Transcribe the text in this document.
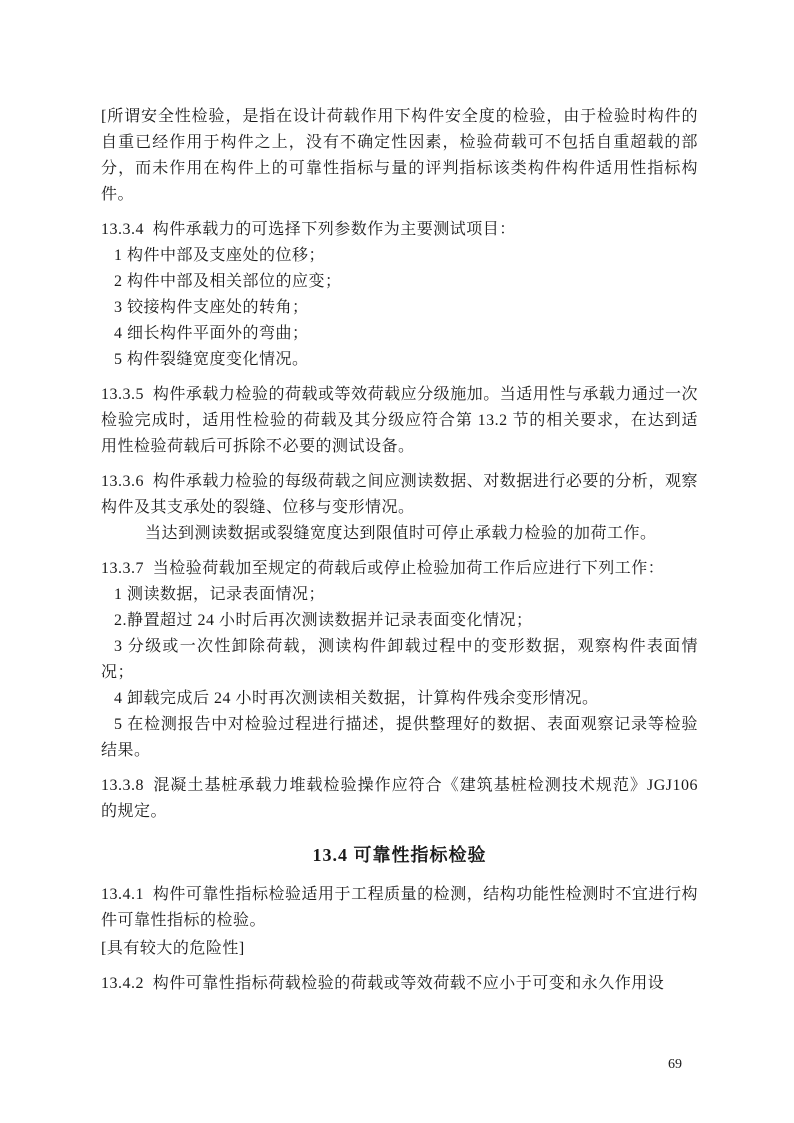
[所谓安全性检验，是指在设计荷载作用下构件安全度的检验，由于检验时构件的自重已经作用于构件之上，没有不确定性因素，检验荷载可不包括自重超载的部分，而未作用在构件上的可靠性指标与量的评判指标该类构件构件适用性指标构件。

13.3.4 构件承载力的可选择下列参数作为主要测试项目：

1 构件中部及支座处的位移；

2 构件中部及相关部位的应变；

3 铰接构件支座处的转角；

4 细长构件平面外的弯曲；

5 构件裂缝宽度变化情况。

13.3.5 构件承载力检验的荷载或等效荷载应分级施加。当适用性与承载力通过一次检验完成时，适用性检验的荷载及其分级应符合第 13.2 节的相关要求，在达到适用性检验荷载后可拆除不必要的测试设备。

13.3.6 构件承载力检验的每级荷载之间应测读数据、对数据进行必要的分析，观察构件及其支承处的裂缝、位移与变形情况。

当达到测读数据或裂缝宽度达到限值时可停止承载力检验的加荷工作。

13.3.7 当检验荷载加至规定的荷载后或停止检验加荷工作后应进行下列工作：

1 测读数据，记录表面情况；

2.静置超过 24 小时后再次测读数据并记录表面变化情况；

3 分级或一次性卸除荷载，测读构件卸载过程中的变形数据，观察构件表面情况；

4 卸载完成后 24 小时再次测读相关数据，计算构件残余变形情况。

5 在检测报告中对检验过程进行描述，提供整理好的数据、表面观察记录等检验结果。

13.3.8 混凝土基桩承载力堆载检验操作应符合《建筑基桩检测技术规范》JGJ106 的规定。

13.4 可靠性指标检验

13.4.1 构件可靠性指标检验适用于工程质量的检测，结构功能性检测时不宜进行构件可靠性指标的检验。

[具有较大的危险性]

13.4.2 构件可靠性指标荷载检验的荷载或等效荷载不应小于可变和永久作用设

69
